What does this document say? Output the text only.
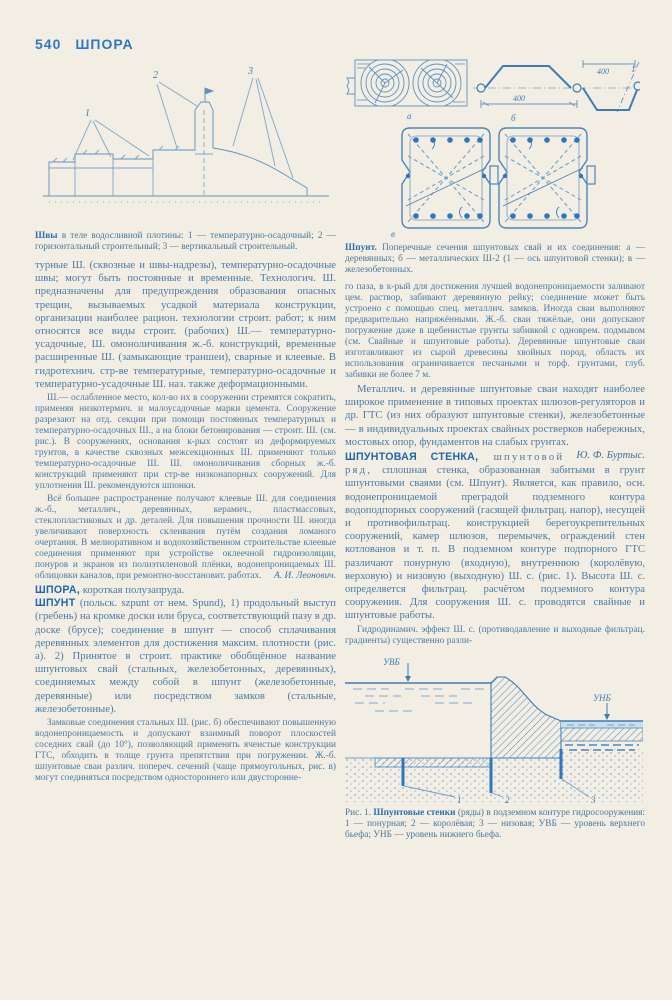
540 ШПОРА
1
2	3
Швы в теле водосливной плотины: 1 — температурно-осадочный; 2 — горизонтальный строительный; 3 — вертикальный строительный.

турные Ш. (сквозные и швы-надрезы), температурно-осадочные швы; могут быть постоянные и временные. Технологич. Ш. предназначены для предупреждения образования опасных трещин, вызываемых усадкой материала конструкции, организации наиболее рацион. технологии строит. работ; к ним относятся все виды строит. (рабочих) Ш.— температурно-усадочные, Ш. омоноличивания ж.-б. конструкций, временные расширенные Ш. (замыкающие траншеи), сварные и клеевые. В гидротехнич. стр-ве температурные, температурно-осадочные и температурно-усадочные Ш. наз. также деформационными.

Ш.— ослабленное место, кол-во их в сооружении стремятся сократить, применяя низкотермич. и малоусадочные марки цемента. Сооружение разрезают на отд. секции при помощи постоянных температурных и температурно-осадочных Ш., а на блоки бетонирования — строит. Ш. (см. рис.). В сооружениях, основания к-рых состоят из деформируемых грунтов, в качестве сквозных межсекционных Ш. применяют только температурно-осадочные Ш. Ш. омоноличивания сборных ж.-б. конструкций применяют при стр-ве низконапорных сооружений. Для уплотнения Ш. рекомендуются шпонки.

Всё большее распространение получают клеевые Ш. для соединения ж.-б., металлич., деревянных, керамич., пластмассовых, стеклопластиковых и др. деталей. Для повышения прочности Ш. иногда увеличивают поверхность склеивания путём создания ломаного очертания. В мелиоративном и водохозяйственном строительстве клеевые соединения применяют при устройстве оклеечной гидроизоляции, понуров и экранов из полиэтиленовой плёнки, водонепроницаемых Ш. облицовки каналов, при ремонтно-восстановит. работах.	А. И. Леонович.

ШПОРА, короткая полузапруда.

ШПУНТ (польск. szpunt от нем. Spund), 1) продольный выступ (гребень) на кромке доски или бруса, соответствующий пазу в др. доске (брусе); соединение в шпунт — способ сплачивания деревянных элементов для достижения максим. плотности (рис. а). 2) Принятое в строит. практике обобщённое название шпунтовых свай (стальных, железобетонных, деревянных), соединяемых между собой в шпунт (железобетонные, деревянные) или посредством замков (стальные, железобетонные).

Замковые соединения стальных Ш. (рис. б) обеспечивают повышенную водонепроницаемость и допускают взаимный поворот плоскостей соседних свай (до 10°), позволяющий применять ячеистые конструкции ГТС, обходить в толще грунта препятствия при погружении. Ж.-б. шпунтовые сваи различ. попереч. сечений (чаще прямоугольных, рис. в) могут соединяться посредством одностороннего или двусторонне-

400
400 1
а	б
в
Шпунт. Поперечные сечения шпунтовых свай и их соединения: а — деревянных; б — металлических Ш-2 (1 — ось шпунтовой стенки); в — железобетонных.

го паза, в к-рый для достижения лучшей водонепроницаемости заливают цем. раствор, забивают деревянную рейку; соединение может быть устроено с помощью спец. металлич. замков. Иногда сваи выполняют предварительно напряжёнными. Ж.-б. сваи тяжёлые, они допускают погружение даже в щебенистые грунты забивкой с одноврем. подмывом (см. Свайные и шпунтовые работы). Деревянные шпунтовые сваи изготавливают из сырой древесины хвойных пород, область их использования ограничивается песчаными и торф. грунтами, глуб. забивки не более 7 м.

Металлич. и деревянные шпунтовые сваи находят наиболее широкое применение в типовых проектах шлюзов-регуляторов и др. ГТС (из них образуют шпунтовые стенки), железобетонные — в индивидуальных проектах свайных ростверков набережных, мостовых опор, фундаментов на слабых грунтах.
Ю. Ф. Буртыс.

ШПУНТОВАЯ СТЕНКА, шпунтовой ряд, сплошная стенка, образованная забитыми в грунт шпунтовыми сваями (см. Шпунт). Является, как правило, осн. водонепроницаемой преградой подземного контура водоподпорных сооружений (гасящей фильтрац. напор), несущей и противофильтрац. конструкцией берегоукрепительных сооружений, камер шлюзов, перемычек, ограждений стен котлованов и т. п. В подземном контуре подпорного ГТС различают понурную (входную), внутреннюю (королёвую, верховую) и низовую (выходную) Ш. с. (рис. 1). Высота Ш. с. определяется фильтрац. расчётом подземного контура сооружения. Для сооружения Ш. с. проводятся свайные и шпунтовые работы.

Гидродинамич. эффект Ш. с. (противодавление и выходные фильтрац. градиенты) существенно разли-

УВБ
УНБ
1	2	3
Рис. 1. Шпунтовые стенки (ряды) в подземном контуре гидросооружения: 1 — понурная; 2 — королёвая; 3 — низовая; УВБ — уровень верхнего бьефа; УНБ — уровень нижнего бьефа.
